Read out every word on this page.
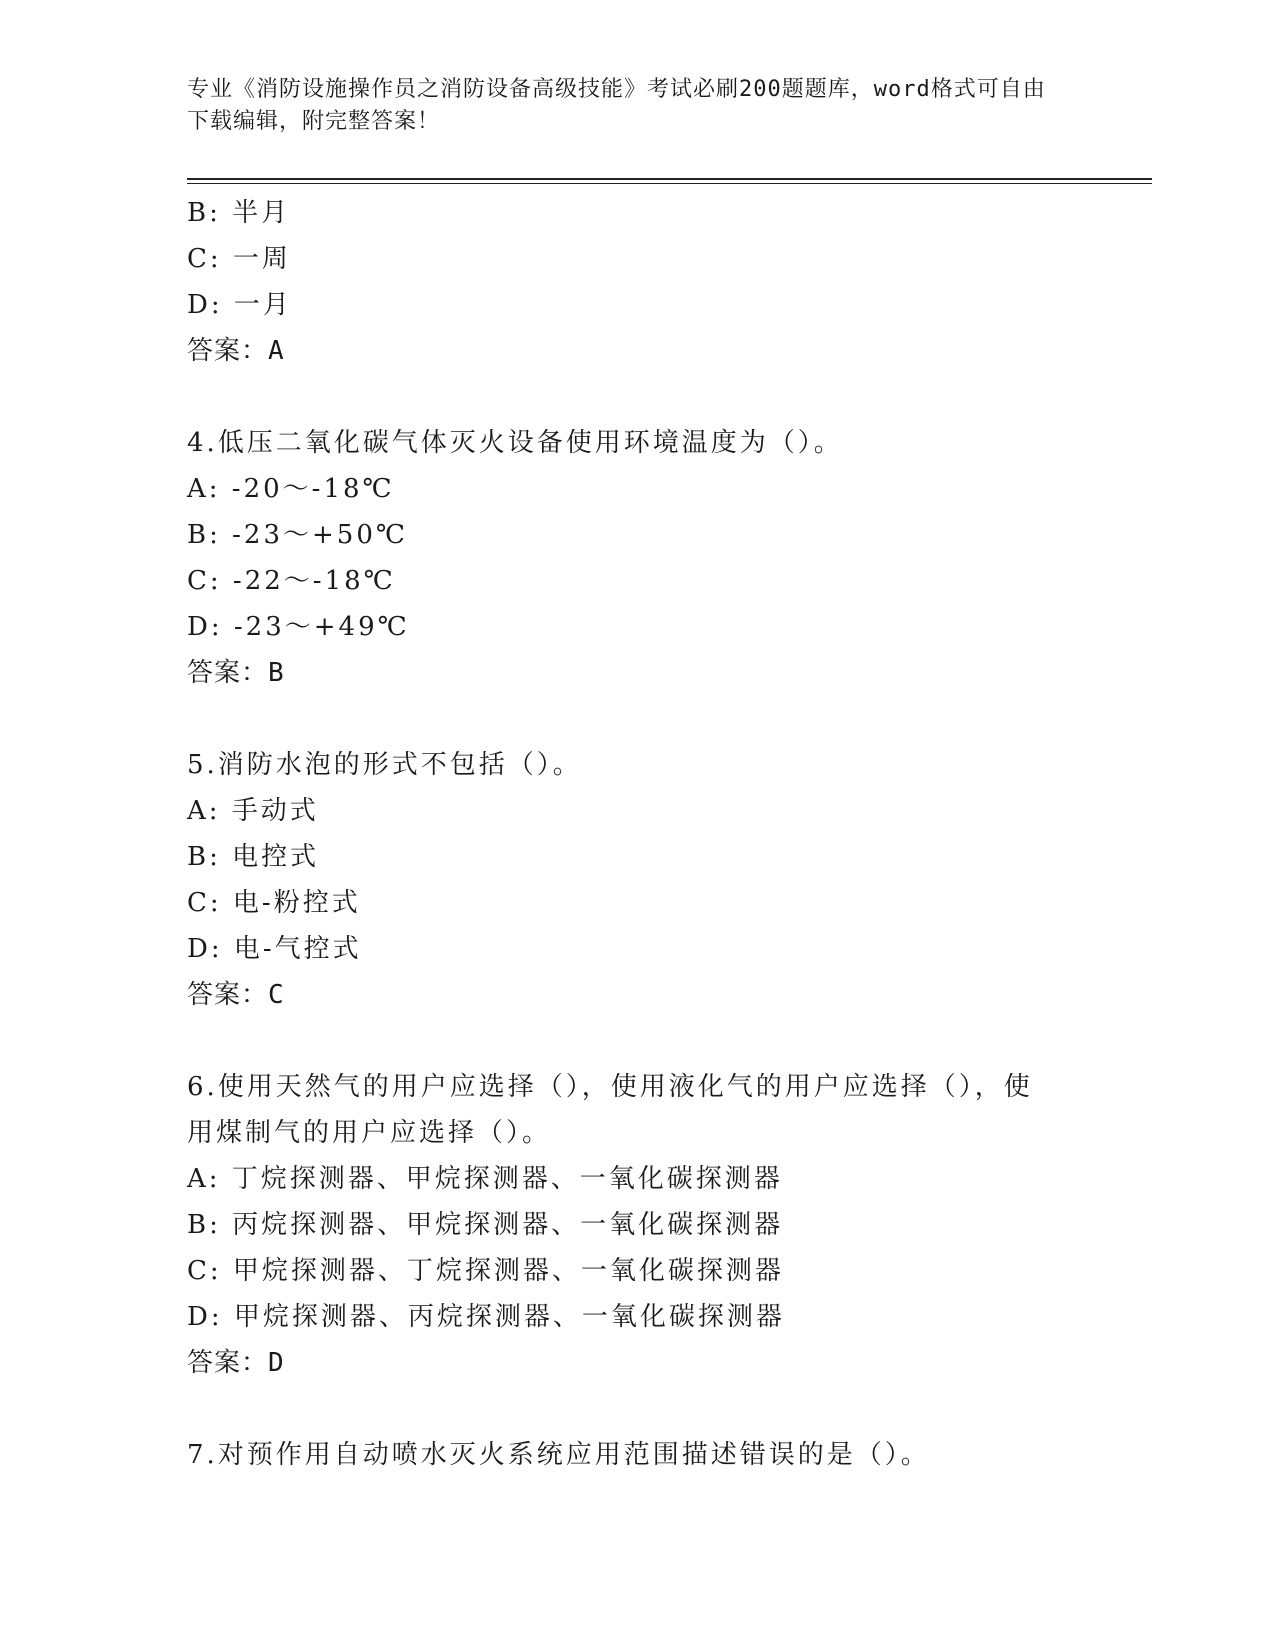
专业《消防设施操作员之消防设备高级技能》考试必刷200题题库，word格式可自由下载编辑，附完整答案！
B: 半月
C: 一周
D: 一月
答案：A
4.低压二氧化碳气体灭火设备使用环境温度为（）。
A: -20～-18℃
B: -23～+50℃
C: -22～-18℃
D: -23～+49℃
答案：B
5.消防水泡的形式不包括（）。
A: 手动式
B: 电控式
C: 电-粉控式
D: 电-气控式
答案：C
6.使用天然气的用户应选择（），使用液化气的用户应选择（），使用煤制气的用户应选择（）。
A: 丁烷探测器、甲烷探测器、一氧化碳探测器
B: 丙烷探测器、甲烷探测器、一氧化碳探测器
C: 甲烷探测器、丁烷探测器、一氧化碳探测器
D: 甲烷探测器、丙烷探测器、一氧化碳探测器
答案：D
7.对预作用自动喷水灭火系统应用范围描述错误的是（）。
